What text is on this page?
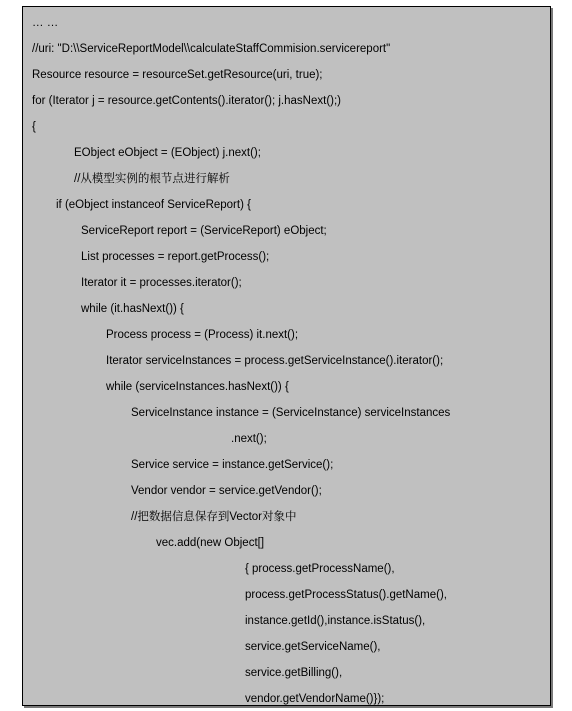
… …
//uri: "D:\\ServiceReportModel\\calculateStaffCommision.servicereport"
Resource resource = resourceSet.getResource(uri, true);
for (Iterator j = resource.getContents().iterator(); j.hasNext();)
{
EObject eObject = (EObject) j.next();
//从模型实例的根节点进行解析
if (eObject instanceof ServiceReport) {
ServiceReport report = (ServiceReport) eObject;
List processes = report.getProcess();
Iterator it = processes.iterator();
while (it.hasNext()) {
Process process = (Process) it.next();
Iterator serviceInstances = process.getServiceInstance().iterator();
while (serviceInstances.hasNext()) {
ServiceInstance instance = (ServiceInstance) serviceInstances
.next();
Service service = instance.getService();
Vendor vendor = service.getVendor();
//把数据信息保存到Vector对象中
vec.add(new Object[]
{ process.getProcessName(),
process.getProcessStatus().getName(),
instance.getId(),instance.isStatus(),
service.getServiceName(),
service.getBilling(),
vendor.getVendorName()});
